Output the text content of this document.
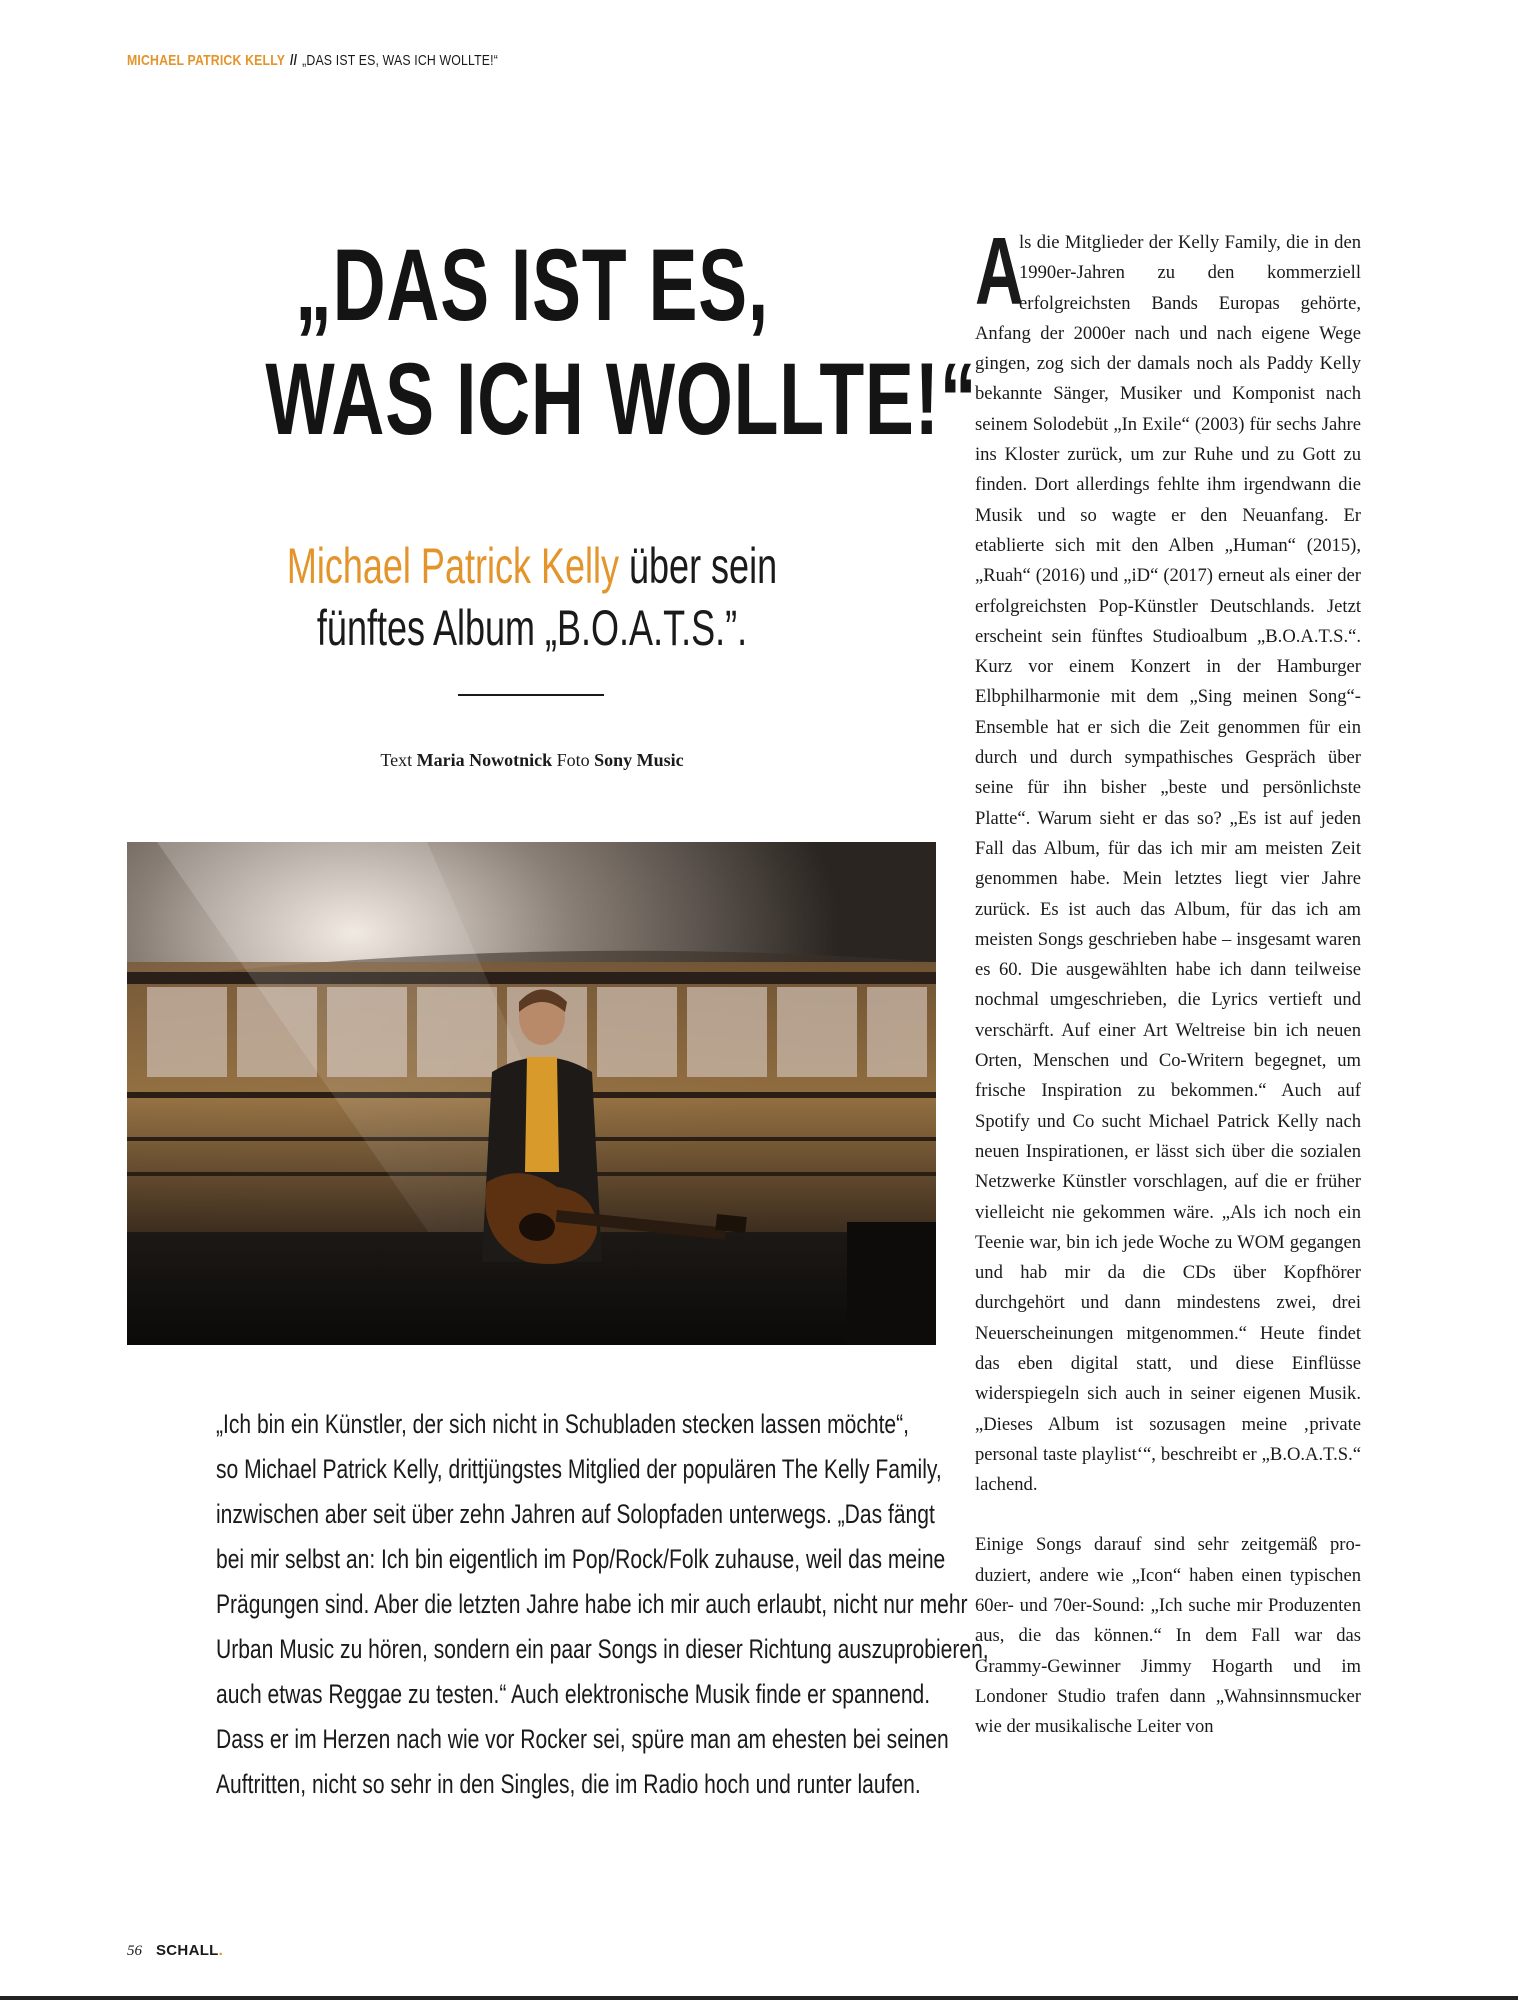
MICHAEL PATRICK KELLY // „DAS IST ES, WAS ICH WOLLTE!“
„DAS IST ES,
WAS ICH WOLLTE!“
Michael Patrick Kelly über sein
fünftes Album „B.O.A.T.S.”.
Text Maria Nowotnick Foto Sony Music
„Ich bin ein Künstler, der sich nicht in Schubladen stecken lassen möchte“,
so Michael Patrick Kelly, drittjüngstes Mitglied der populären The Kelly Family,
inzwischen aber seit über zehn Jahren auf Solopfaden unterwegs. „Das fängt
bei mir selbst an: Ich bin eigentlich im Pop/Rock/Folk zuhause, weil das meine
Prägungen sind. Aber die letzten Jahre habe ich mir auch erlaubt, nicht nur mehr
Urban Music zu hören, sondern ein paar Songs in dieser Richtung auszuprobieren,
auch etwas Reggae zu testen.“ Auch elektronische Musik finde er spannend.
Dass er im Herzen nach wie vor Rocker sei, spüre man am ehesten bei seinen
Auftritten, nicht so sehr in den Singles, die im Radio hoch und runter laufen.

A
ls die Mitglieder der Kelly Family, die in den 1990er-Jahren zu den kommerziell erfolgreichsten Bands Europas gehörte, Anfang der 2000er nach und nach eigene Wege gingen, zog sich der damals noch als Paddy Kelly bekannte Sänger, Musiker und Komponist nach seinem Solodebüt „In Exile“ (2003) für sechs Jahre ins Kloster zurück, um zur Ruhe und zu Gott zu finden. Dort allerdings fehlte ihm irgendwann die Musik und so wagte er den Neuanfang. Er etablierte sich mit den Alben „Human“ (2015), „Ruah“ (2016) und „iD“ (2017) erneut als einer der erfolgreichsten Pop-Künstler Deutschlands. Jetzt erscheint sein fünftes Studioalbum „B.O.A.T.S.“. Kurz vor einem Konzert in der Hamburger Elbphilharmonie mit dem „Sing meinen Song“-Ensemble hat er sich die Zeit genommen für ein durch und durch sympathisches Gespräch über seine für ihn bisher „beste und persönlichste Platte“. Warum sieht er das so? „Es ist auf jeden Fall das Album, für das ich mir am meisten Zeit genommen habe. Mein letztes liegt vier Jahre zurück. Es ist auch das Album, für das ich am meisten Songs geschrieben habe – insgesamt waren es 60. Die ausgewählten habe ich dann teilweise nochmal umgeschrieben, die Lyrics vertieft und verschärft. Auf einer Art Weltreise bin ich neuen Orten, Menschen und Co-Writern begegnet, um frische Inspiration zu bekommen.“ Auch auf Spotify und Co sucht Michael Patrick Kelly nach neuen Inspirationen, er lässt sich über die sozialen Netzwerke Künstler vorschlagen, auf die er früher vielleicht nie gekommen wäre. „Als ich noch ein Teenie war, bin ich jede Woche zu WOM gegangen und hab mir da die CDs über Kopfhörer durchgehört und dann mindestens zwei, drei Neuerscheinungen mitgenommen.“ Heute findet das eben digital statt, und diese Einflüsse widerspiegeln sich auch in seiner eigenen Musik. „Dieses Album ist sozusagen meine ‚private personal taste playlist‘“, beschreibt er „B.O.A.T.S.“ lachend.

Einige Songs darauf sind sehr zeitgemäß produziert, andere wie „Icon“ haben einen typischen 60er- und 70er-Sound: „Ich suche mir Produzenten aus, die das können.“ In dem Fall war das Grammy-Gewinner Jimmy Hogarth und im Londoner Studio trafen dann „Wahnsinnsmucker wie der musikalische Leiter von

56 SCHALL.
